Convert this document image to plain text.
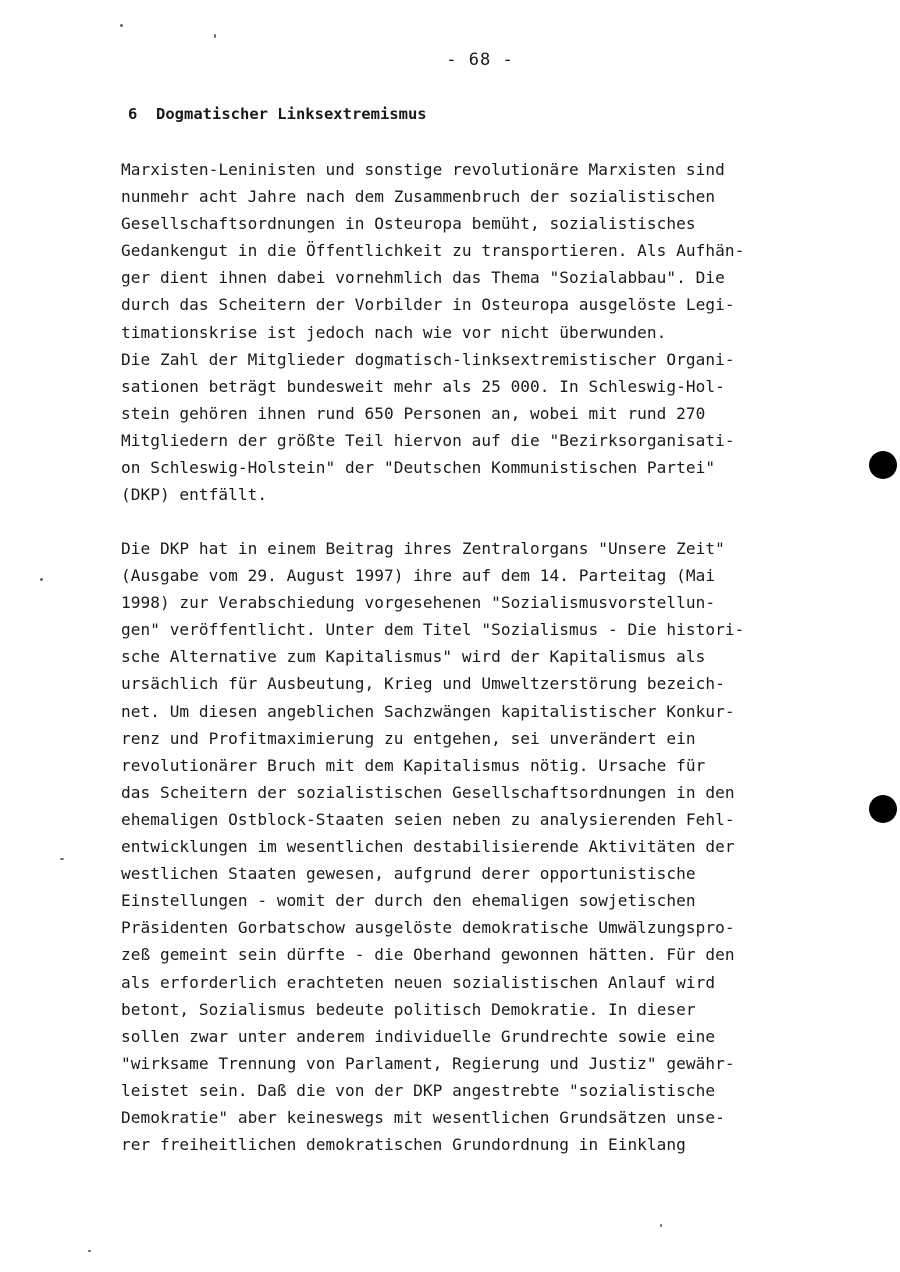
- 68 -
6  Dogmatischer Linksextremismus
Marxisten-Leninisten und sonstige revolutionäre Marxisten sind
nunmehr acht Jahre nach dem Zusammenbruch der sozialistischen
Gesellschaftsordnungen in Osteuropa bemüht, sozialistisches
Gedankengut in die Öffentlichkeit zu transportieren. Als Aufhän-
ger dient ihnen dabei vornehmlich das Thema "Sozialabbau". Die
durch das Scheitern der Vorbilder in Osteuropa ausgelöste Legi-
timationskrise ist jedoch nach wie vor nicht überwunden.
Die Zahl der Mitglieder dogmatisch-linksextremistischer Organi-
sationen beträgt bundesweit mehr als 25 000. In Schleswig-Hol-
stein gehören ihnen rund 650 Personen an, wobei mit rund 270
Mitgliedern der größte Teil hiervon auf die "Bezirksorganisati-
on Schleswig-Holstein" der "Deutschen Kommunistischen Partei"
(DKP) entfällt.
Die DKP hat in einem Beitrag ihres Zentralorgans "Unsere Zeit"
(Ausgabe vom 29. August 1997) ihre auf dem 14. Parteitag (Mai
1998) zur Verabschiedung vorgesehenen "Sozialismusvorstellun-
gen" veröffentlicht. Unter dem Titel "Sozialismus - Die histori-
sche Alternative zum Kapitalismus" wird der Kapitalismus als
ursächlich für Ausbeutung, Krieg und Umweltzerstörung bezeich-
net. Um diesen angeblichen Sachzwängen kapitalistischer Konkur-
renz und Profitmaximierung zu entgehen, sei unverändert ein
revolutionärer Bruch mit dem Kapitalismus nötig. Ursache für
das Scheitern der sozialistischen Gesellschaftsordnungen in den
ehemaligen Ostblock-Staaten seien neben zu analysierenden Fehl-
entwicklungen im wesentlichen destabilisierende Aktivitäten der
westlichen Staaten gewesen, aufgrund derer opportunistische
Einstellungen - womit der durch den ehemaligen sowjetischen
Präsidenten Gorbatschow ausgelöste demokratische Umwälzungspro-
zeß gemeint sein dürfte - die Oberhand gewonnen hätten. Für den
als erforderlich erachteten neuen sozialistischen Anlauf wird
betont, Sozialismus bedeute politisch Demokratie. In dieser
sollen zwar unter anderem individuelle Grundrechte sowie eine
"wirksame Trennung von Parlament, Regierung und Justiz" gewähr-
leistet sein. Daß die von der DKP angestrebte "sozialistische
Demokratie" aber keineswegs mit wesentlichen Grundsätzen unse-
rer freiheitlichen demokratischen Grundordnung in Einklang
